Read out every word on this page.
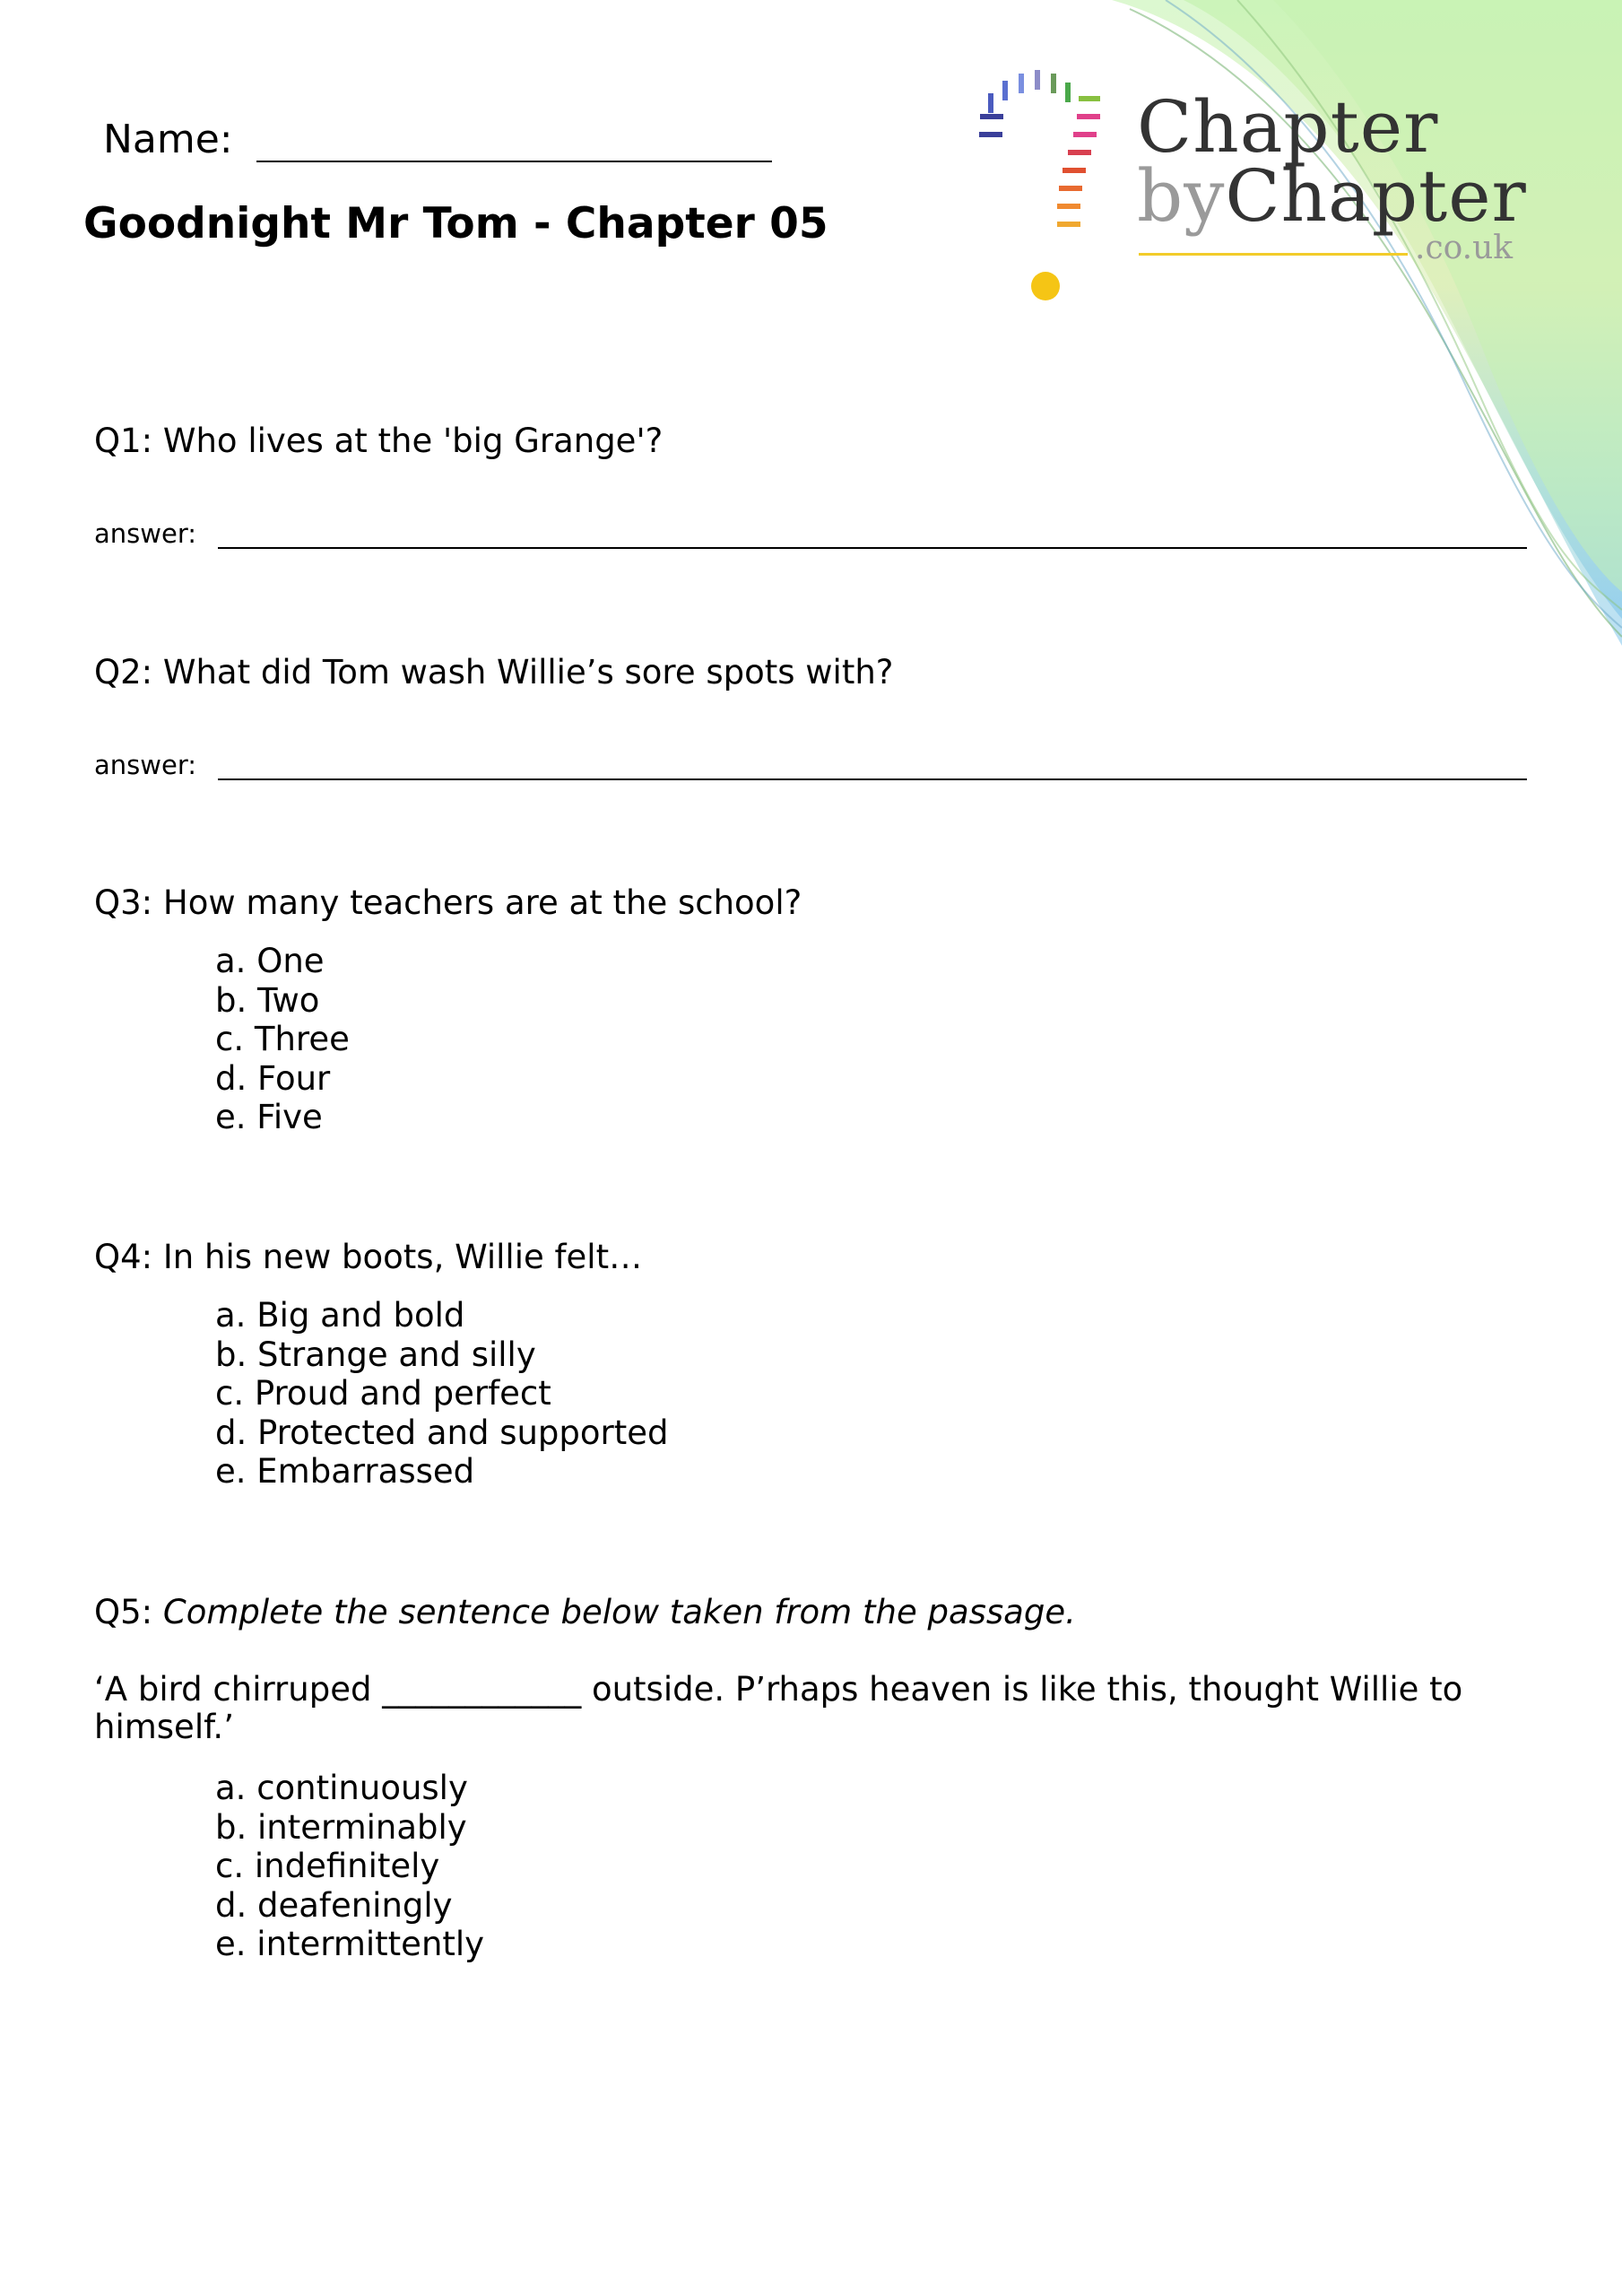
Chapter
byChapter
.co.uk
Name:
Goodnight Mr Tom - Chapter 05
Q1: Who lives at the 'big Grange'?
answer:
Q2: What did Tom wash Willie’s sore spots with?
answer:
Q3: How many teachers are at the school?
a. One
b. Two
c. Three
d. Four
e. Five
Q4: In his new boots, Willie felt…
a. Big and bold
b. Strange and silly
c. Proud and perfect
d. Protected and supported
e. Embarrassed
Q5: Complete the sentence below taken from the passage.
‘A bird chirruped ____________ outside. P’rhaps heaven is like this, thought Willie to himself.’
a. continuously
b. interminably
c. indefinitely
d. deafeningly
e. intermittently
